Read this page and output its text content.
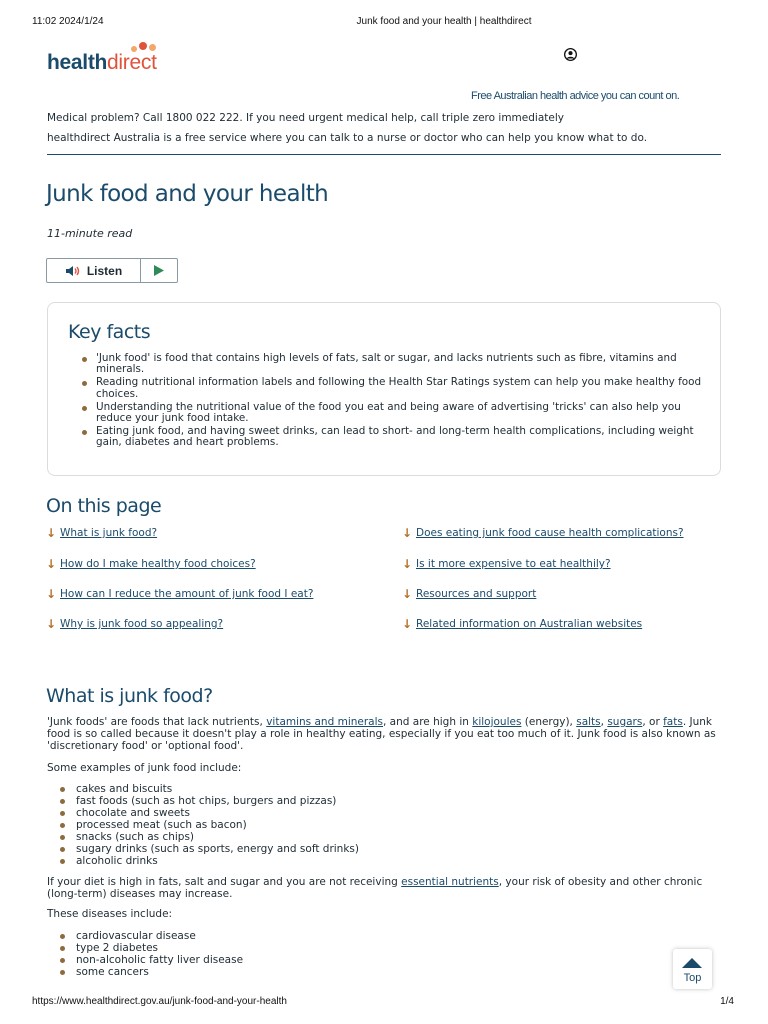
11:02 2024/1/24	Junk food and your health | healthdirect
healthdirect
Free Australian health advice you can count on.
Medical problem? Call 1800 022 222. If you need urgent medical help, call triple zero immediately
healthdirect Australia is a free service where you can talk to a nurse or doctor who can help you know what to do.
Junk food and your health
11-minute read
Listen
Key facts
'Junk food' is food that contains high levels of fats, salt or sugar, and lacks nutrients such as fibre, vitamins and minerals.
Reading nutritional information labels and following the Health Star Ratings system can help you make healthy food choices.
Understanding the nutritional value of the food you eat and being aware of advertising 'tricks' can also help you reduce your junk food intake.
Eating junk food, and having sweet drinks, can lead to short- and long-term health complications, including weight gain, diabetes and heart problems.
On this page
↓ What is junk food?
↓ How do I make healthy food choices?
↓ How can I reduce the amount of junk food I eat?
↓ Why is junk food so appealing?
↓ Does eating junk food cause health complications?
↓ Is it more expensive to eat healthily?
↓ Resources and support
↓ Related information on Australian websites
What is junk food?
'Junk foods' are foods that lack nutrients, vitamins and minerals, and are high in kilojoules (energy), salts, sugars, or fats. Junk food is so called because it doesn't play a role in healthy eating, especially if you eat too much of it. Junk food is also known as 'discretionary food' or 'optional food'.
Some examples of junk food include:
cakes and biscuits
fast foods (such as hot chips, burgers and pizzas)
chocolate and sweets
processed meat (such as bacon)
snacks (such as chips)
sugary drinks (such as sports, energy and soft drinks)
alcoholic drinks
If your diet is high in fats, salt and sugar and you are not receiving essential nutrients, your risk of obesity and other chronic (long-term) diseases may increase.
These diseases include:
cardiovascular disease
type 2 diabetes
non-alcoholic fatty liver disease
some cancers	Top
https://www.healthdirect.gov.au/junk-food-and-your-health	1/4
